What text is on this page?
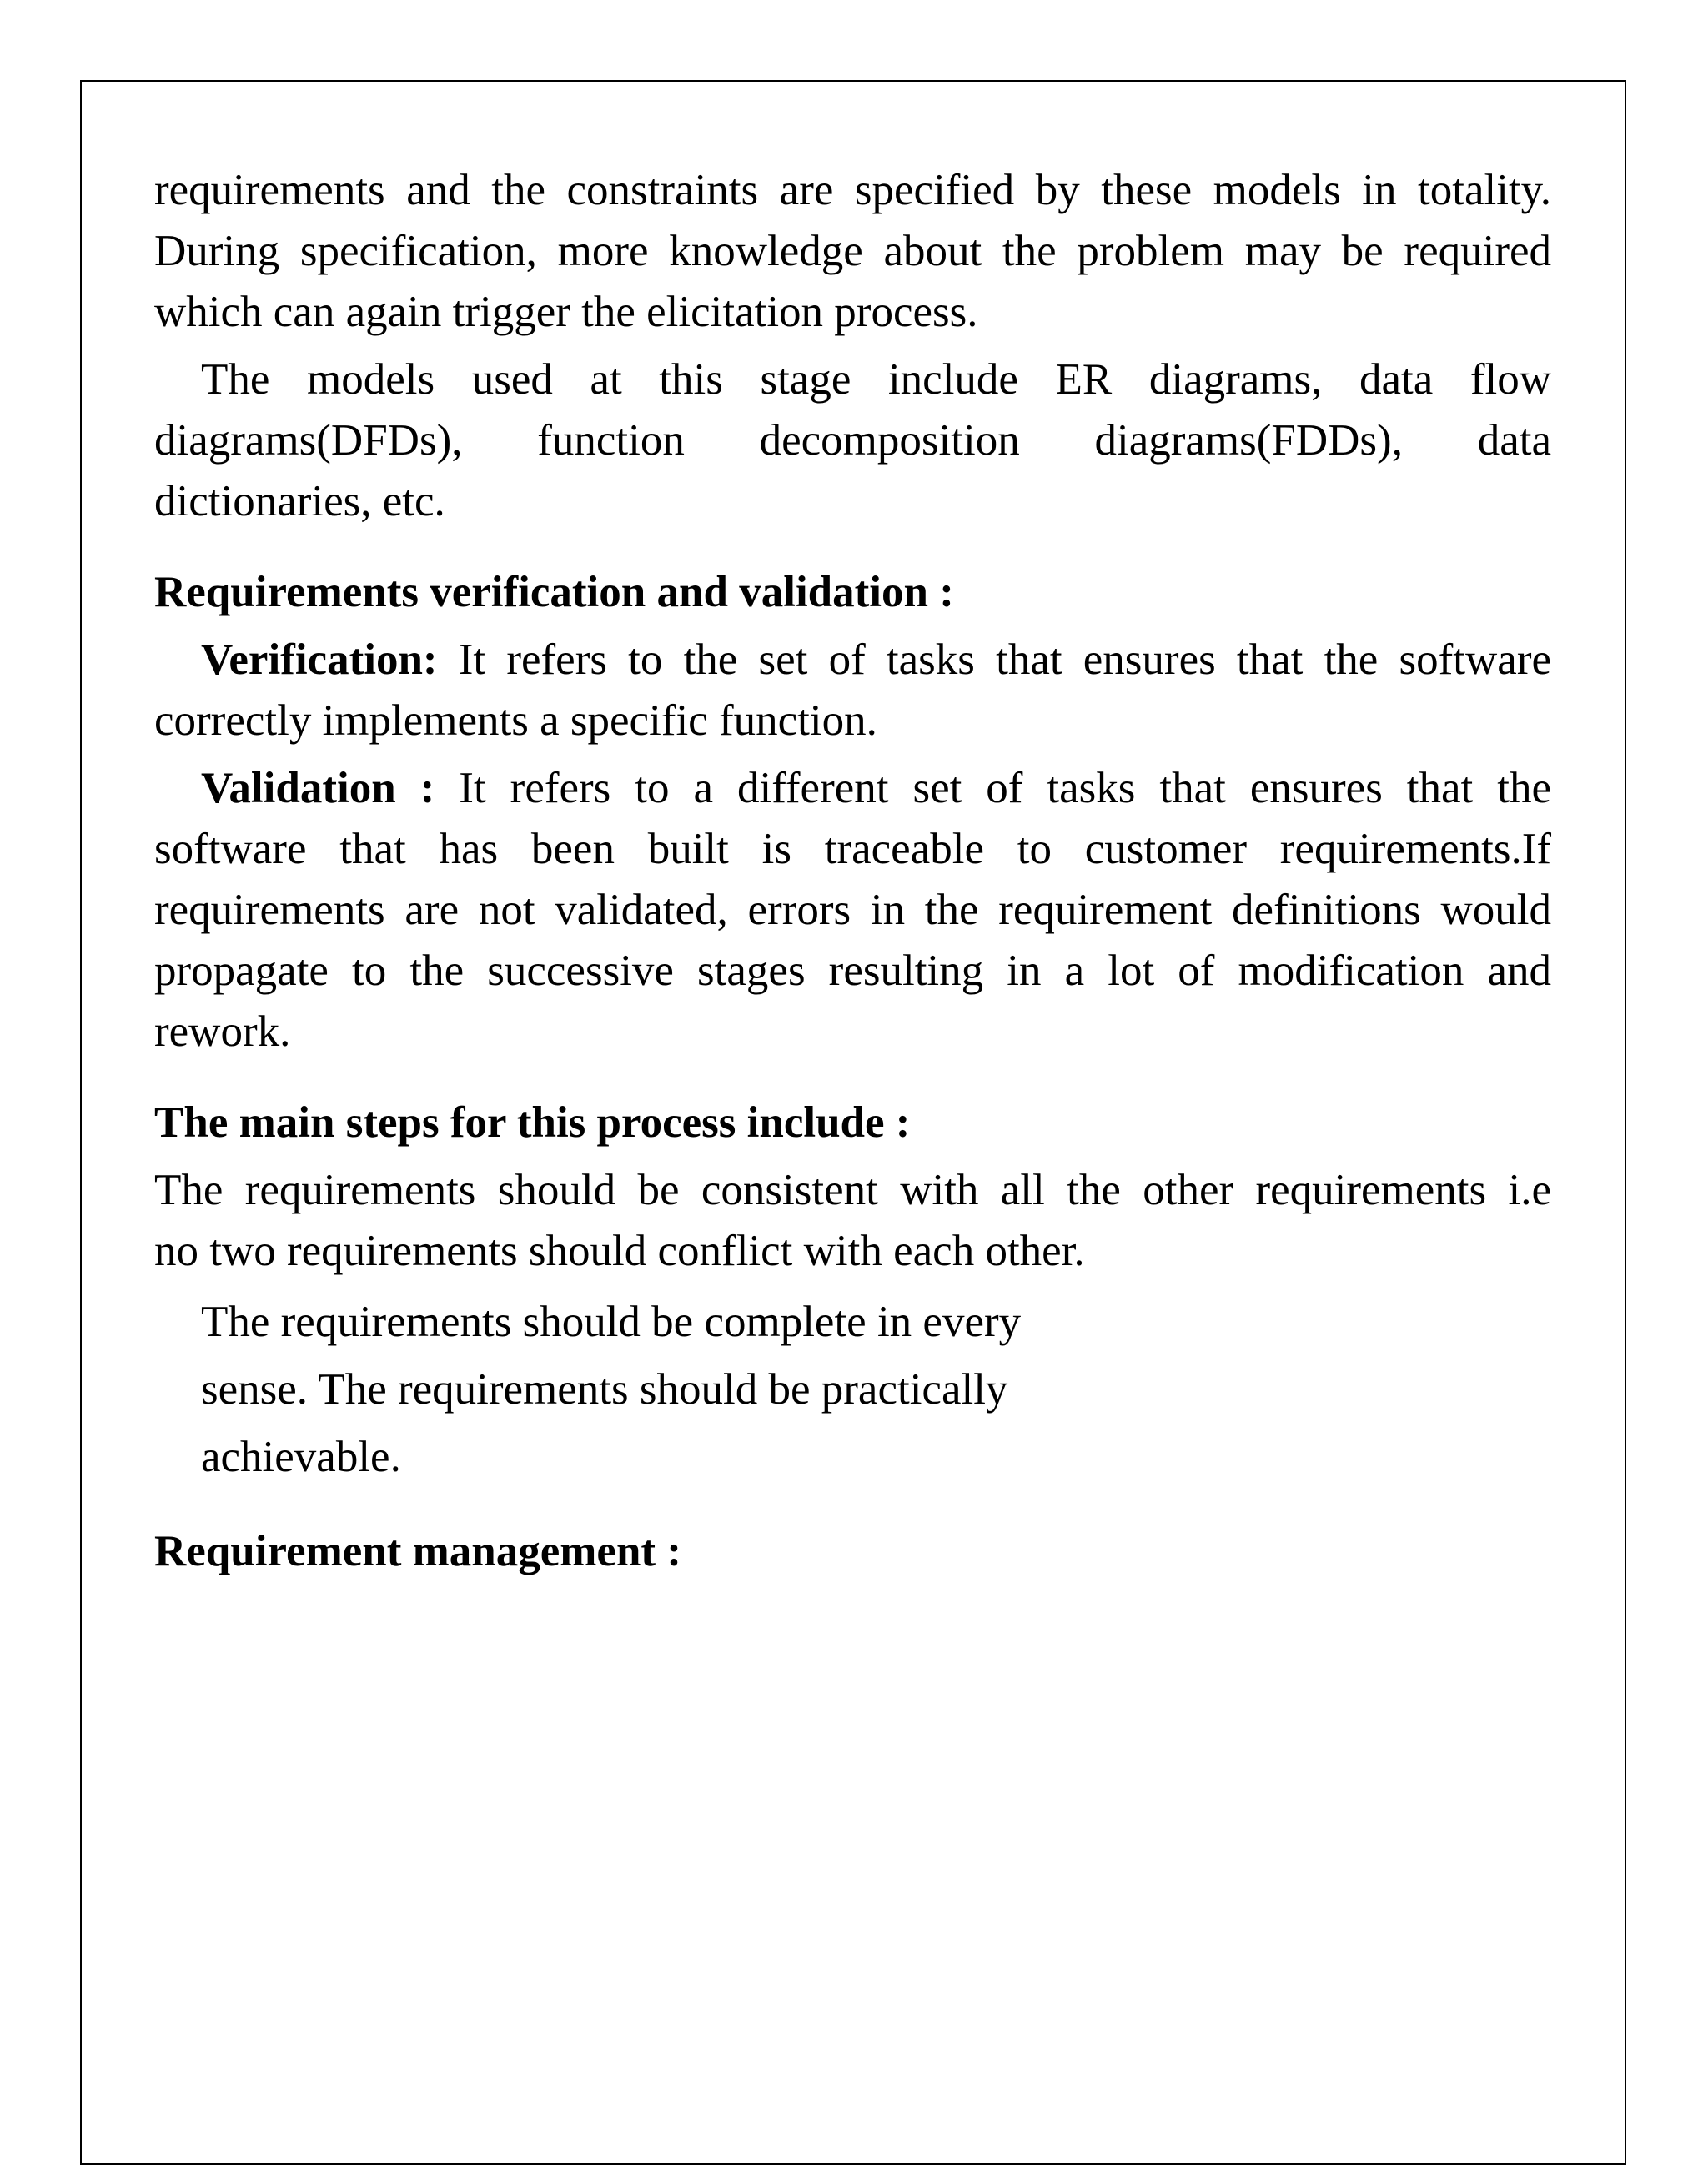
requirements and the constraints are specified by these models in totality.

During specification, more knowledge about the problem may be required

which can again trigger the elicitation process.

The models used at this stage include ER diagrams, data flow

diagrams(DFDs), function decomposition diagrams(FDDs), data

dictionaries, etc.

Requirements verification and validation :

Verification: It refers to the set of tasks that ensures that the software

correctly implements a specific function.

Validation : It refers to a different set of tasks that ensures that the

software that has been built is traceable to customer requirements.If

requirements are not validated, errors in the requirement definitions would

propagate to the successive stages resulting in a lot of modification and

rework.

The main steps for this process include :

The requirements should be consistent with all the other requirements i.e

no two requirements should conflict with each other.

The requirements should be complete in every

sense. The requirements should be practically

achievable.

Requirement management :
